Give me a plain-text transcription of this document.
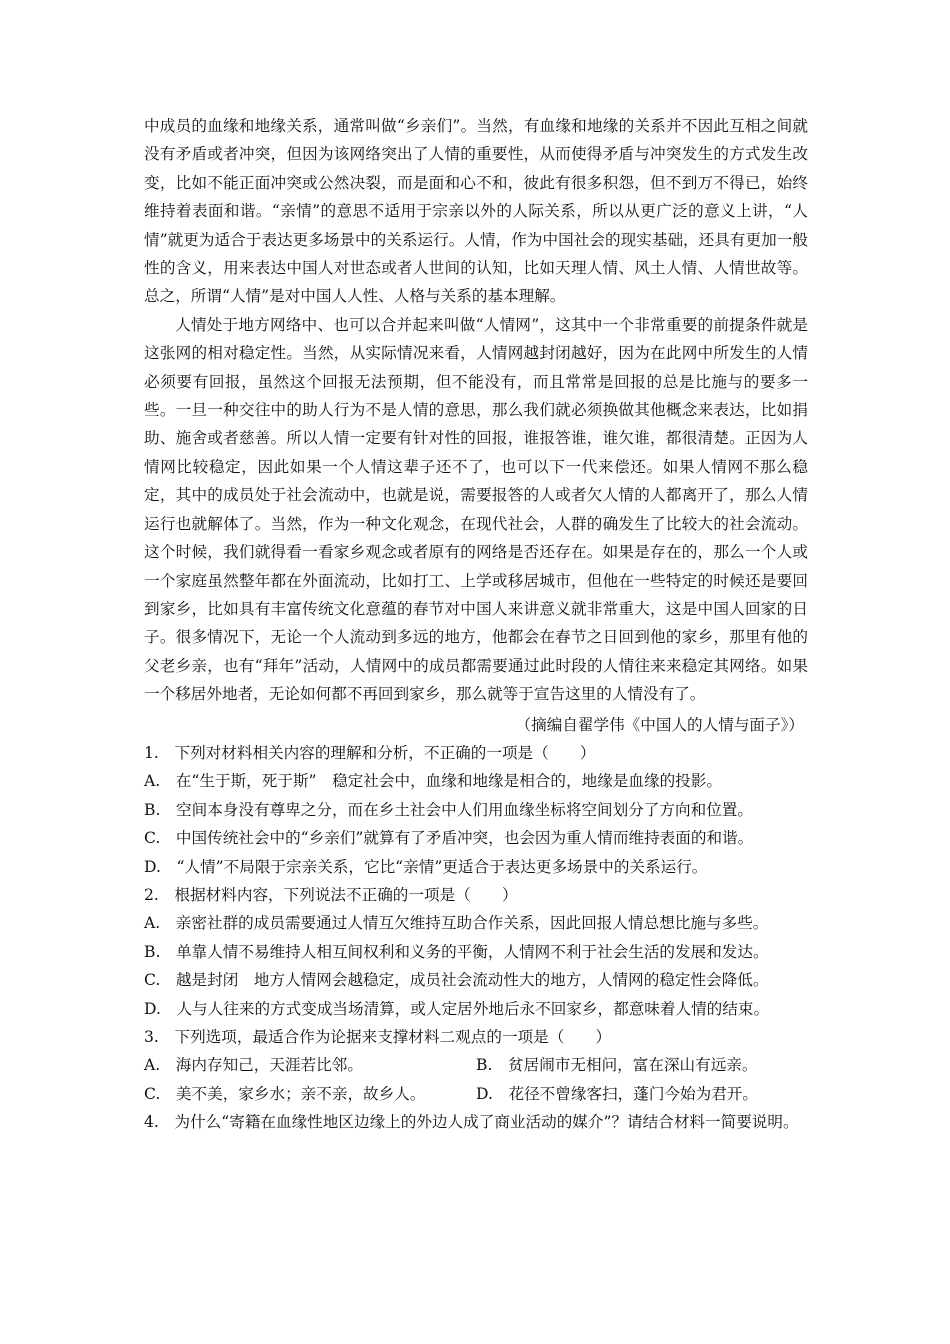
中成员的血缘和地缘关系，通常叫做“乡亲们”。当然，有血缘和地缘的关系并不因此互相之间就没有矛盾或者冲突，但因为该网络突出了人情的重要性，从而使得矛盾与冲突发生的方式发生改变，比如不能正面冲突或公然决裂，而是面和心不和，彼此有很多积怨，但不到万不得已，始终维持着表面和谐。“亲情”的意思不适用于宗亲以外的人际关系，所以从更广泛的意义上讲，“人情”就更为适合于表达更多场景中的关系运行。人情，作为中国社会的现实基础，还具有更加一般性的含义，用来表达中国人对世态或者人世间的认知，比如天理人情、风土人情、人情世故等。总之，所谓“人情”是对中国人人性、人格与关系的基本理解。

人情处于地方网络中、也可以合并起来叫做“人情网”，这其中一个非常重要的前提条件就是这张网的相对稳定性。当然，从实际情况来看，人情网越封闭越好，因为在此网中所发生的人情必须要有回报，虽然这个回报无法预期，但不能没有，而且常常是回报的总是比施与的要多一些。一旦一种交往中的助人行为不是人情的意思，那么我们就必须换做其他概念来表达，比如捐助、施舍或者慈善。所以人情一定要有针对性的回报，谁报答谁，谁欠谁，都很清楚。正因为人情网比较稳定，因此如果一个人情这辈子还不了，也可以下一代来偿还。如果人情网不那么稳定，其中的成员处于社会流动中，也就是说，需要报答的人或者欠人情的人都离开了，那么人情运行也就解体了。当然，作为一种文化观念，在现代社会，人群的确发生了比较大的社会流动。这个时候，我们就得看一看家乡观念或者原有的网络是否还存在。如果是存在的，那么一个人或一个家庭虽然整年都在外面流动，比如打工、上学或移居城市，但他在一些特定的时候还是要回到家乡，比如具有丰富传统文化意蕴的春节对中国人来讲意义就非常重大，这是中国人回家的日子。很多情况下，无论一个人流动到多远的地方，他都会在春节之日回到他的家乡，那里有他的父老乡亲，也有“拜年”活动，人情网中的成员都需要通过此时段的人情往来来稳定其网络。如果一个移居外地者，无论如何都不再回到家乡，那么就等于宣告这里的人情没有了。

（摘编自翟学伟《中国人的人情与面子》）

1.　下列对材料相关内容的理解和分析，不正确的一项是（　　）

A.　在“生于斯，死于斯”　稳定社会中，血缘和地缘是相合的，地缘是血缘的投影。

B.　空间本身没有尊卑之分，而在乡土社会中人们用血缘坐标将空间划分了方向和位置。

C.　中国传统社会中的“乡亲们”就算有了矛盾冲突，也会因为重人情而维持表面的和谐。

D.　“人情”不局限于宗亲关系，它比“亲情”更适合于表达更多场景中的关系运行。

2.　根据材料内容，下列说法不正确的一项是（　　）

A.　亲密社群的成员需要通过人情互欠维持互助合作关系，因此回报人情总想比施与多些。

B.　单靠人情不易维持人相互间权利和义务的平衡，人情网不利于社会生活的发展和发达。

C.　越是封闭　地方人情网会越稳定，成员社会流动性大的地方，人情网的稳定性会降低。

D.　人与人往来的方式变成当场清算，或人定居外地后永不回家乡，都意味着人情的结束。

3.　下列选项，最适合作为论据来支撑材料二观点的一项是（　　）

A.　海内存知己，天涯若比邻。	B.　贫居闹市无相问，富在深山有远亲。

C.　美不美，家乡水；亲不亲，故乡人。	D.　花径不曾缘客扫，蓬门今始为君开。

4.　为什么“寄籍在血缘性地区边缘上的外边人成了商业活动的媒介”？请结合材料一简要说明。
